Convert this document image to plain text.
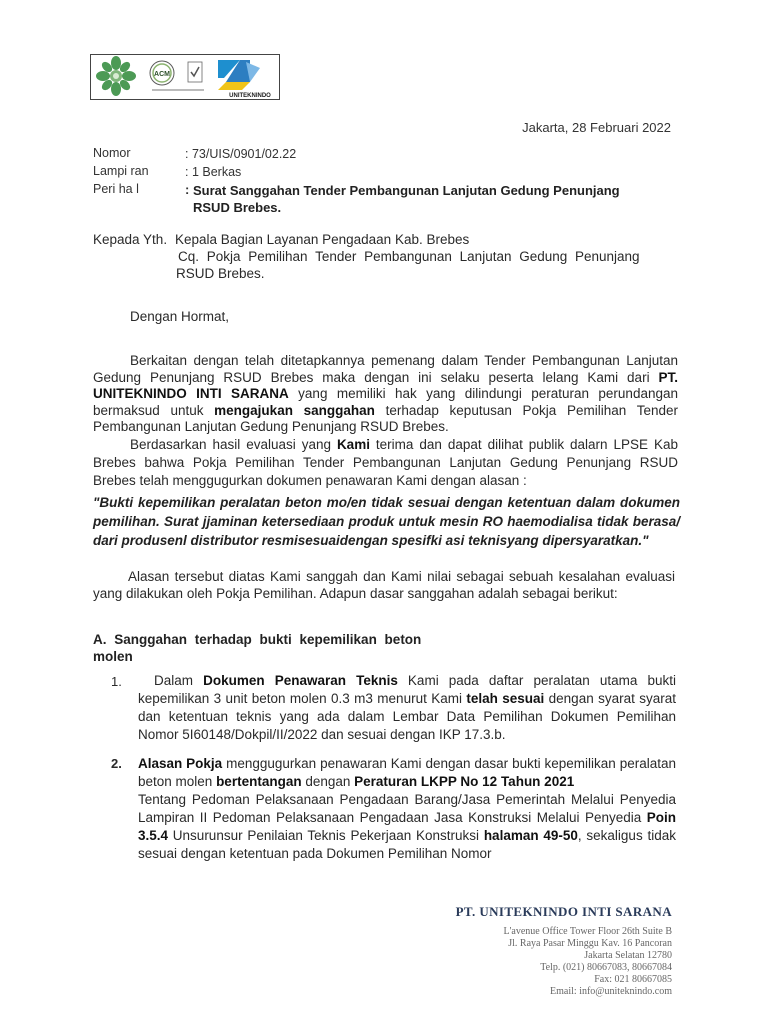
ACM
UNITEKNINDO
Jakarta, 28 Februari 2022
Nomor	: 73/UIS/0901/02.22
Lampi ran	: 1 Berkas
Peri ha l	: Surat Sanggahan Tender Pembangunan Lanjutan Gedung Penunjang
RSUD Brebes.
Kepada Yth. Kepala Bagian Layanan Pengadaan Kab. Brebes
Cq. Pokja Pemilihan Tender Pembangunan Lanjutan Gedung Penunjang
RSUD Brebes.
Dengan Hormat,
Berkaitan dengan telah ditetapkannya pemenang dalam Tender Pembangunan Lanjutan Gedung Penunjang RSUD Brebes maka dengan ini selaku peserta lelang Kami dari PT. UNITEKNINDO INTI SARANA yang memiliki hak yang dilindungi peraturan perundangan bermaksud untuk mengajukan sanggahan terhadap keputusan Pokja Pemilihan Tender Pembangunan Lanjutan Gedung Penunjang RSUD Brebes.
Berdasarkan hasil evaluasi yang Kami terima dan dapat dilihat publik dalarn LPSE Kab Brebes bahwa Pokja Pemilihan Tender Pembangunan Lanjutan Gedung Penunjang RSUD Brebes telah menggugurkan dokumen penawaran Kami dengan alasan :
"Bukti kepemilikan peralatan beton mo/en tidak sesuai dengan ketentuan dalam dokumen pemilihan. Surat jjaminan ketersediaan produk untuk mesin RO haemodialisa tidak berasa/ dari produsenl distributor resmisesuaidengan spesifki asi teknisyang dipersyaratkan."
Alasan tersebut diatas Kami sanggah dan Kami nilai sebagai sebuah kesalahan evaluasi yang dilakukan oleh Pokja Pemilihan. Adapun dasar sanggahan adalah sebagai berikut:
A. Sanggahan terhadap bukti kepemilikan beton
molen
1.	Dalam Dokumen Penawaran Teknis Kami pada daftar peralatan utama bukti kepemilikan 3 unit beton molen 0.3 m3 menurut Kami telah sesuai dengan syarat syarat dan ketentuan teknis yang ada dalam Lembar Data Pemilihan Dokumen Pemilihan Nomor 5I60148/Dokpil/II/2022 dan sesuai dengan IKP 17.3.b.
2. Alasan Pokja menggugurkan penawaran Kami dengan dasar bukti kepemilikan peralatan beton molen bertentangan dengan Peraturan LKPP No 12 Tahun 2021
Tentang Pedoman Pelaksanaan Pengadaan Barang/Jasa Pemerintah Melalui Penyedia Lampiran II Pedoman Pelaksanaan Pengadaan Jasa Konstruksi Melalui Penyedia Poin 3.5.4 Unsurunsur Penilaian Teknis Pekerjaan Konstruksi halaman 49-50, sekaligus tidak sesuai dengan ketentuan pada Dokumen Pemilihan Nomor
PT. UNITEKNINDO INTI SARANA
L'avenue Office Tower Floor 26th Suite B
Jl. Raya Pasar Minggu Kav. 16 Pancoran
Jakarta Selatan 12780
Telp. (021) 80667083, 80667084
Fax: 021 80667085
Email: info@uniteknindo.com
